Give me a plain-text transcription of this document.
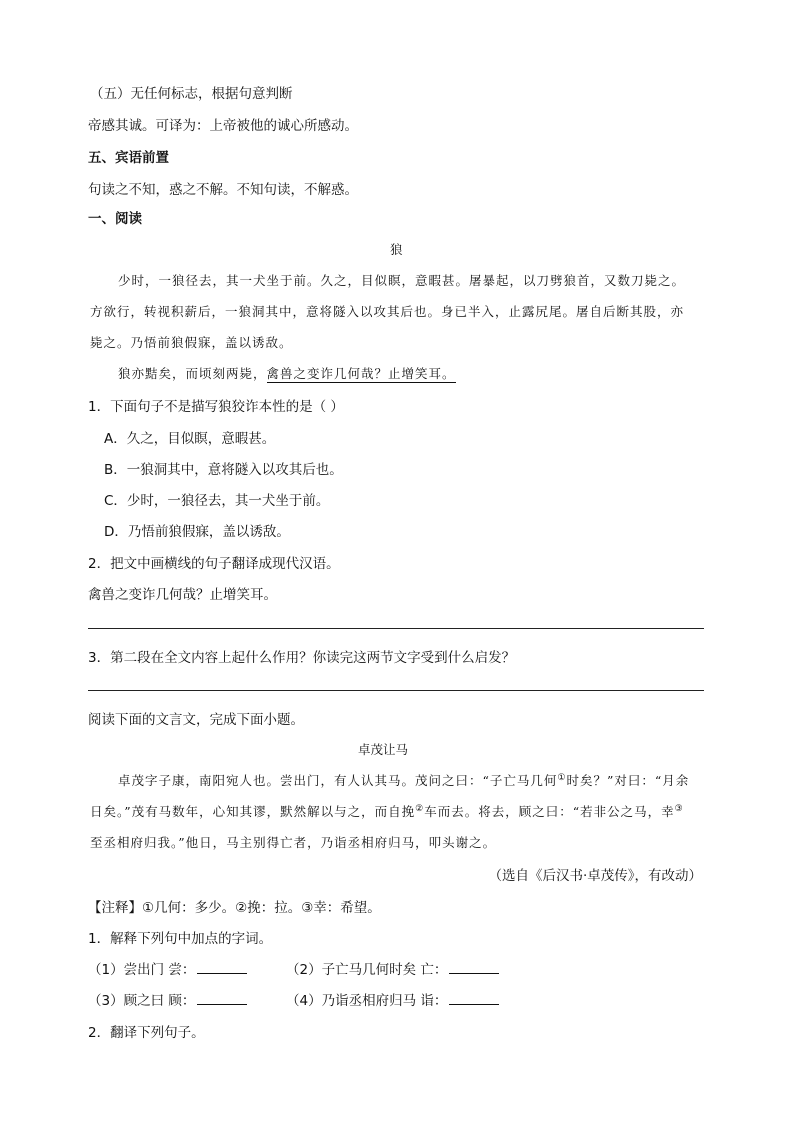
（五）无任何标志，根据句意判断
帝感其诚。可译为：上帝被他的诚心所感动。
五、宾语前置
句读之不知，惑之不解。不知句读，不解惑。
一、阅读
狼
少时，一狼径去，其一犬坐于前。久之，目似瞑，意暇甚。屠暴起，以刀劈狼首，又数刀毙之。
方欲行，转视积薪后，一狼洞其中，意将隧入以攻其后也。身已半入，止露尻尾。屠自后断其股，亦
毙之。乃悟前狼假寐，盖以诱敌。
狼亦黠矣，而顷刻两毙，禽兽之变诈几何哉？止增笑耳。
1．下面句子不是描写狼狡诈本性的是（ ）
A．久之，目似瞑，意暇甚。
B．一狼洞其中，意将隧入以攻其后也。
C．少时，一狼径去，其一犬坐于前。
D．乃悟前狼假寐，盖以诱敌。
2．把文中画横线的句子翻译成现代汉语。
禽兽之变诈几何哉？止增笑耳。
3．第二段在全文内容上起什么作用？你读完这两节文字受到什么启发？
阅读下面的文言文，完成下面小题。
卓茂让马
卓茂字子康，南阳宛人也。尝出门，有人认其马。茂问之曰：“子亡马几何①时矣？”对曰：“月余
日矣。”茂有马数年，心知其谬，默然解以与之，而自挽②车而去。将去，顾之曰：“若非公之马，幸③
至丞相府归我。”他日，马主别得亡者，乃诣丞相府归马，叩头谢之。
（选自《后汉书·卓茂传》，有改动）
【注释】①几何：多少。②挽：拉。③幸：希望。
1．解释下列句中加点的字词。
（1）尝出门 尝：	（2）子亡马几何时矣 亡：
（3）顾之曰 顾：	（4）乃诣丞相府归马 诣：
2．翻译下列句子。
